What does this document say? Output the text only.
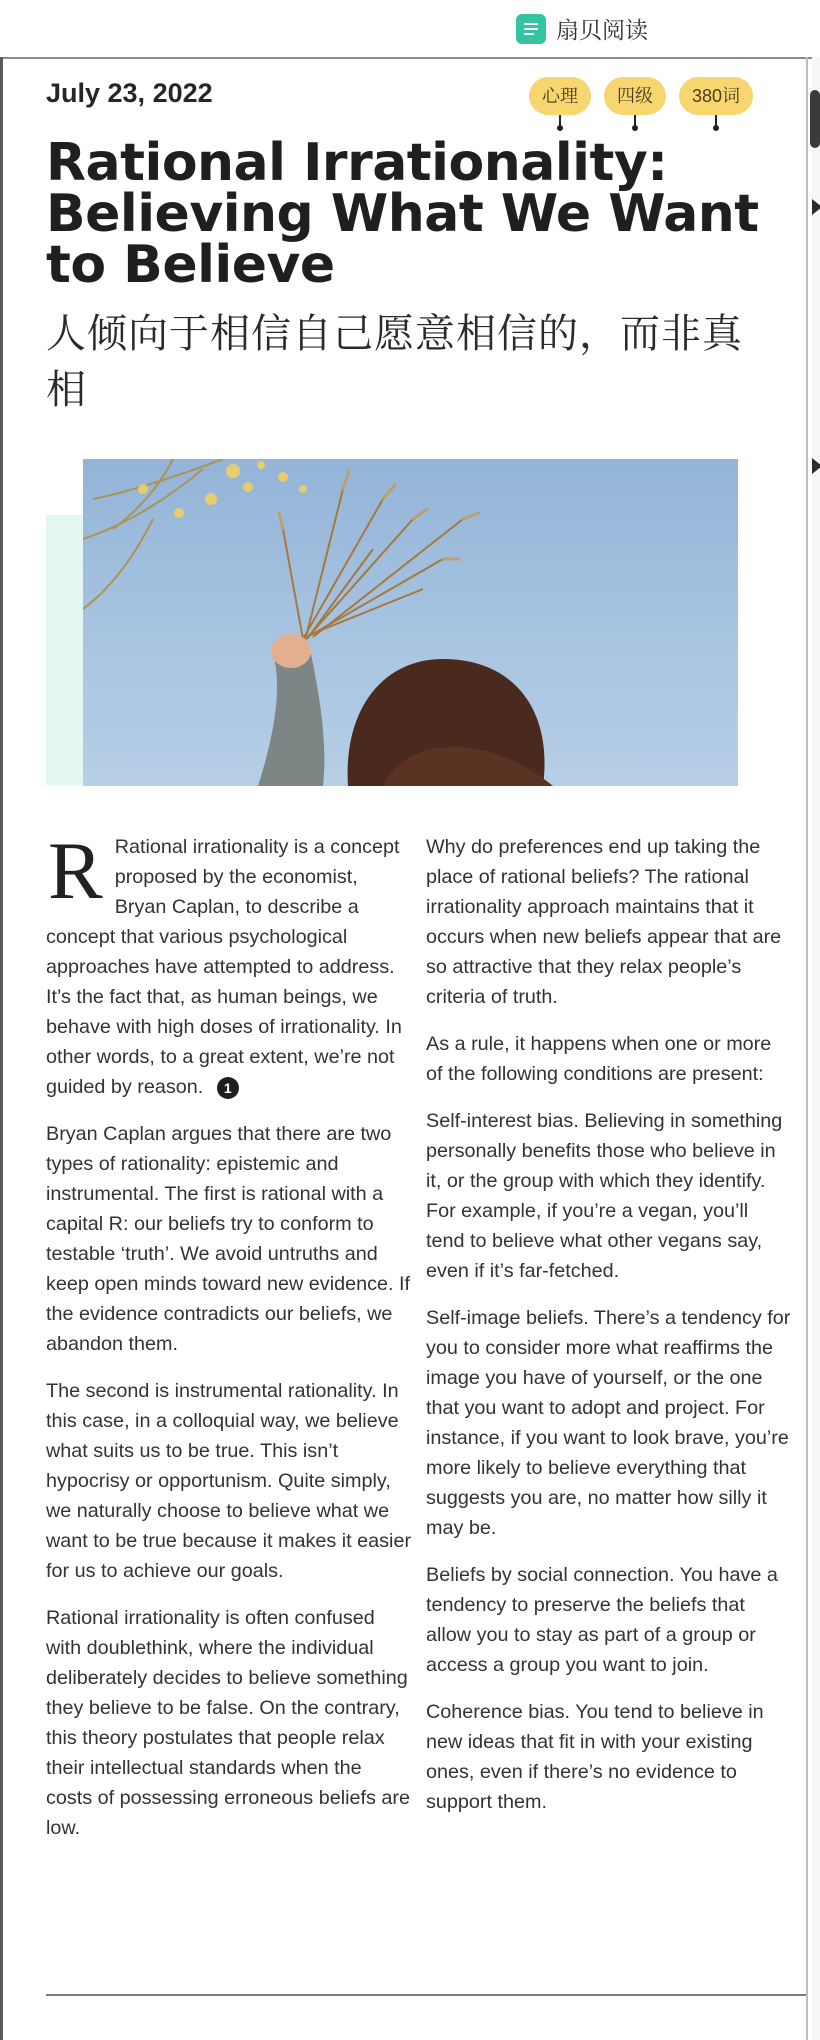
扇贝阅读
July 23, 2022	心理	四级	380词
Rational Irrationality: Believing What We Want to Believe
人倾向于相信自己愿意相信的，而非真相

R Rational irrationality is a concept proposed by the economist, Bryan Caplan, to describe a concept that various psychological approaches have attempted to address. It’s the fact that, as human beings, we behave with high doses of irrationality. In other words, to a great extent, we’re not guided by reason. 1

Bryan Caplan argues that there are two types of rationality: epistemic and instrumental. The first is rational with a capital R: our beliefs try to conform to testable ‘truth’. We avoid untruths and keep open minds toward new evidence. If the evidence contradicts our beliefs, we abandon them.

The second is instrumental rationality. In this case, in a colloquial way, we believe what suits us to be true. This isn’t hypocrisy or opportunism. Quite simply, we naturally choose to believe what we want to be true because it makes it easier for us to achieve our goals.

Rational irrationality is often confused with doublethink, where the individual deliberately decides to believe something they believe to be false. On the contrary, this theory postulates that people relax their intellectual standards when the costs of possessing erroneous beliefs are low.

Why do preferences end up taking the place of rational beliefs? The rational irrationality approach maintains that it occurs when new beliefs appear that are so attractive that they relax people’s criteria of truth.

As a rule, it happens when one or more of the following conditions are present:

Self-interest bias. Believing in something personally benefits those who believe in it, or the group with which they identify. For example, if you’re a vegan, you’ll tend to believe what other vegans say, even if it’s far-fetched.

Self-image beliefs. There’s a tendency for you to consider more what reaffirms the image you have of yourself, or the one that you want to adopt and project. For instance, if you want to look brave, you’re more likely to believe everything that suggests you are, no matter how silly it may be.

Beliefs by social connection. You have a tendency to preserve the beliefs that allow you to stay as part of a group or access a group you want to join.

Coherence bias. You tend to believe in new ideas that fit in with your existing ones, even if there’s no evidence to support them.
